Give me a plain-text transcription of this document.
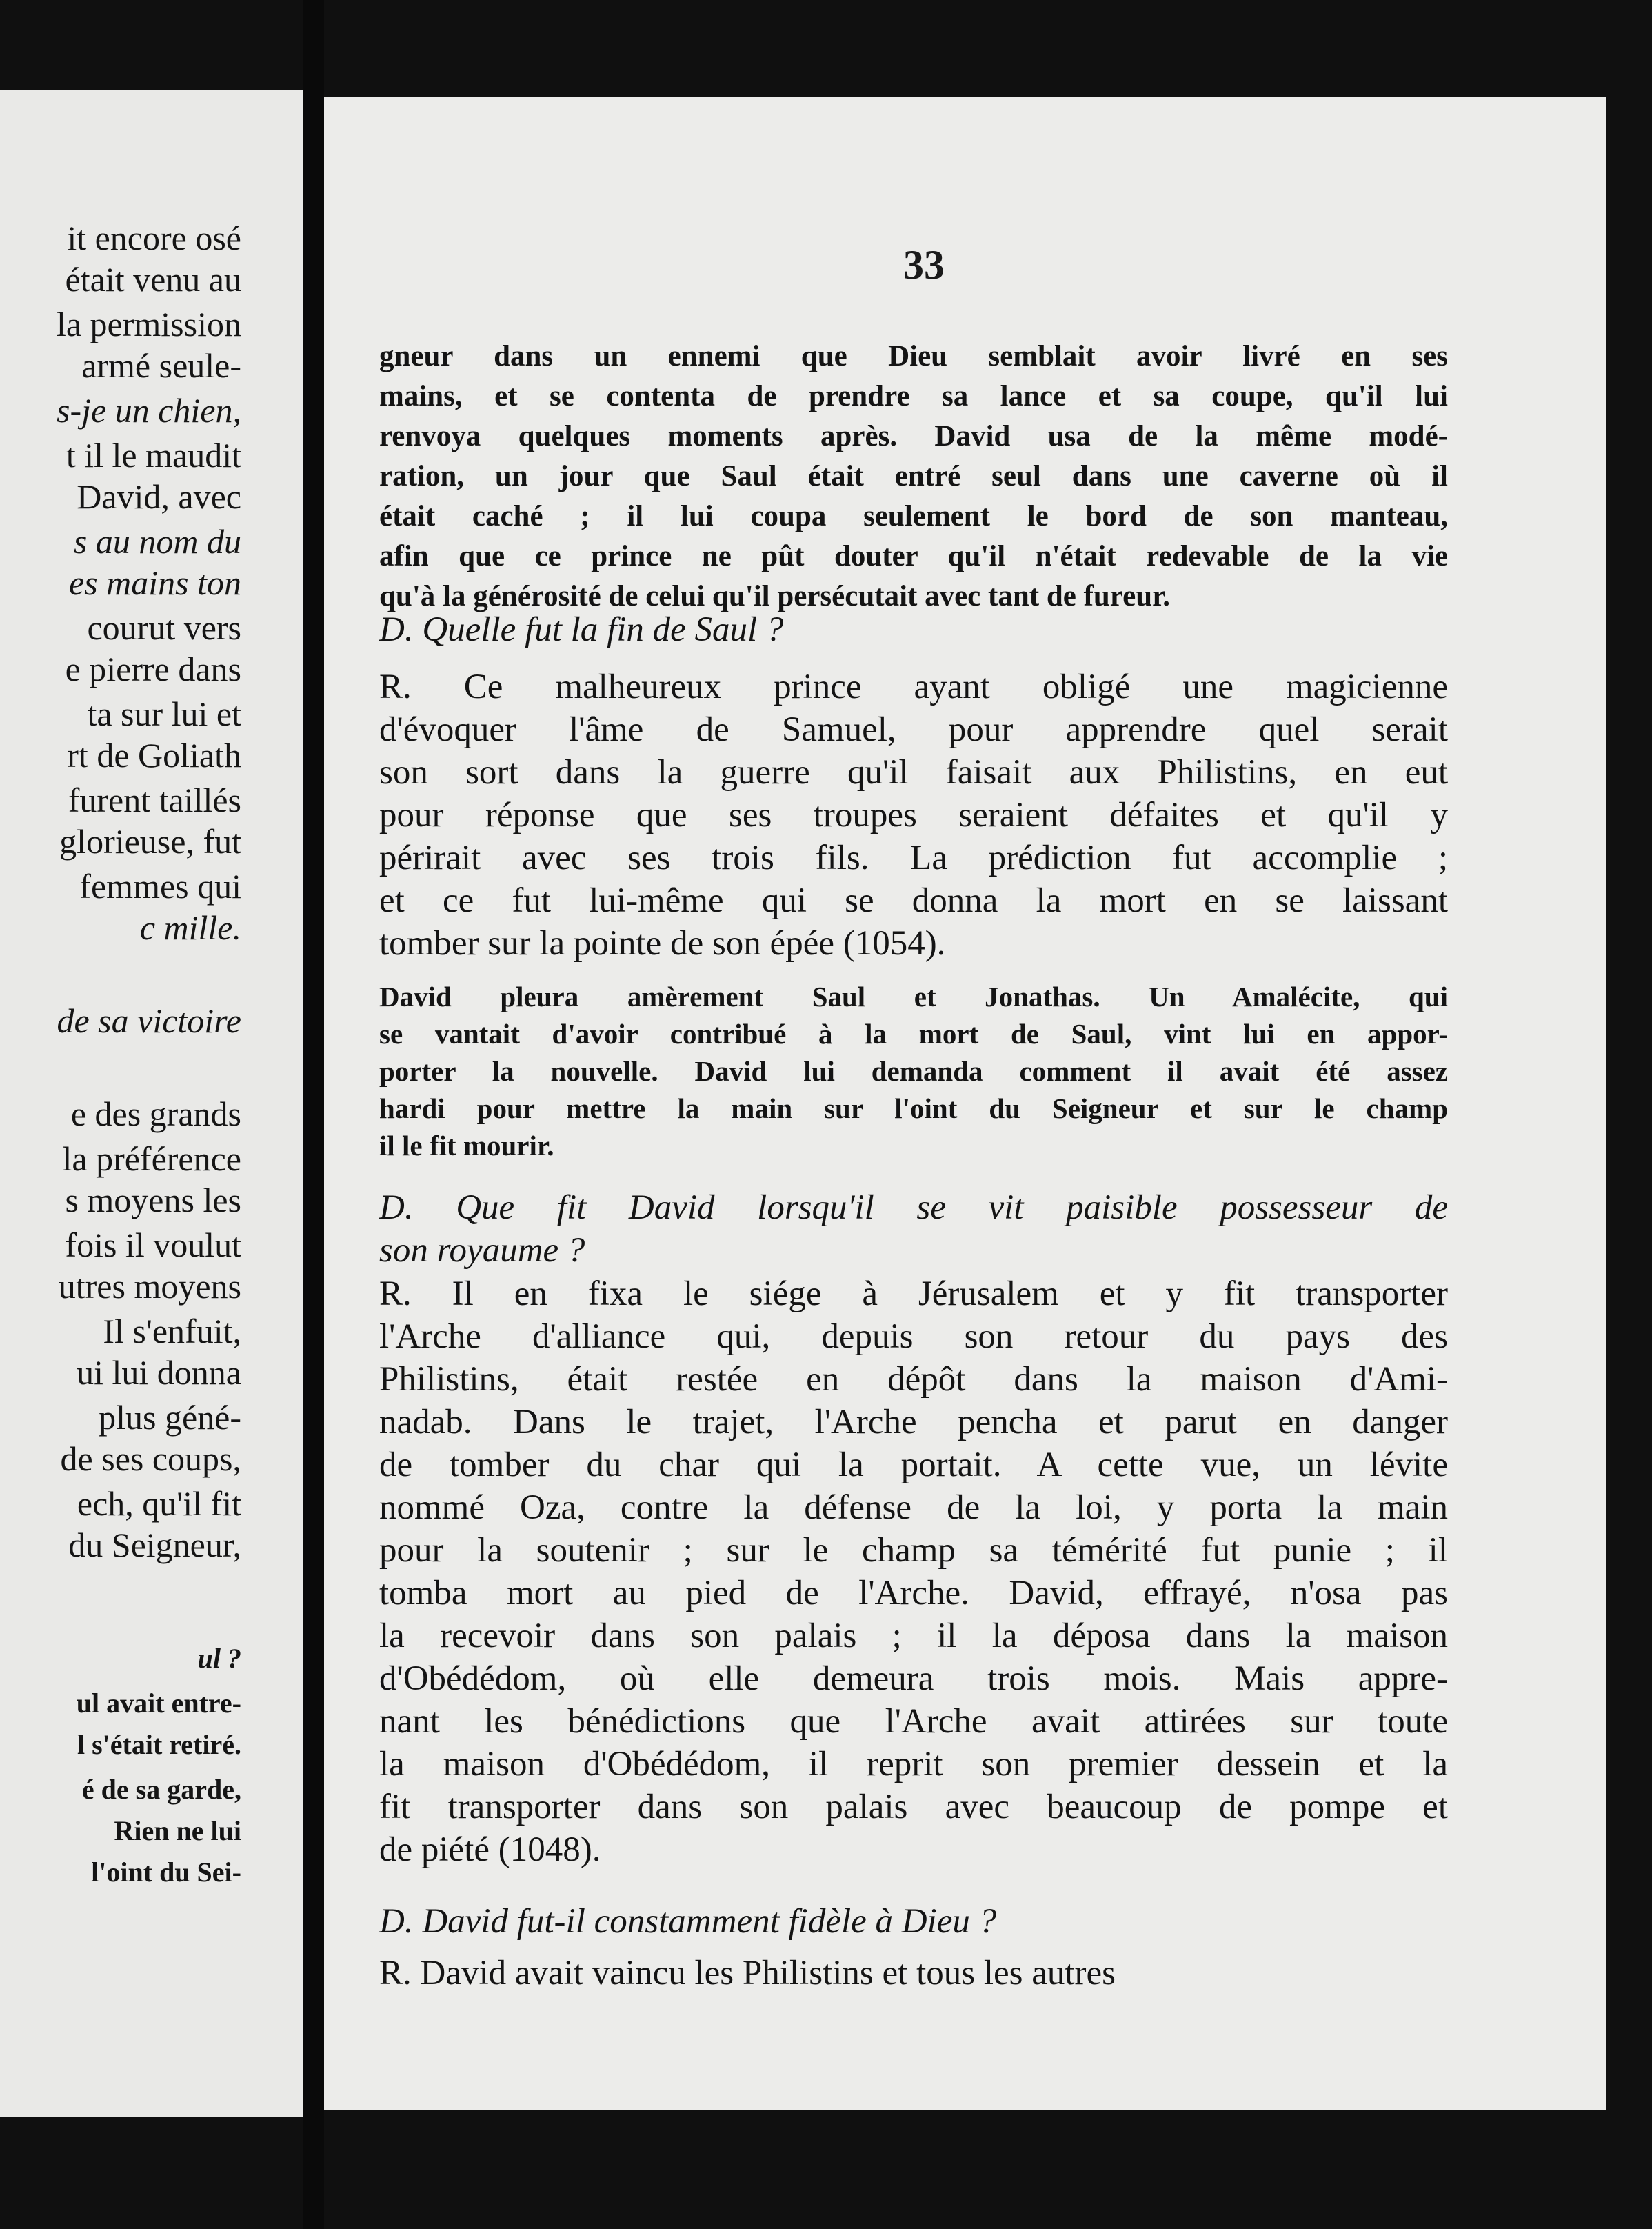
it encore osé
était venu au
la permission
armé seule-
s-je un chien,
t il le maudit
David, avec
s au nom du
es mains ton
courut vers
e pierre dans
ta sur lui et
rt de Goliath
furent taillés
glorieuse, fut
femmes qui
c mille.
de sa victoire
e des grands
la préférence
s moyens les
fois il voulut
utres moyens
Il s'enfuit,
ui lui donna
plus géné-
de ses coups,
ech, qu'il fit
du Seigneur,
ul ?
ul avait entre-
l s'était retiré.
é de sa garde,
Rien ne lui
l'oint du Sei-
33
gneur dans un ennemi que Dieu semblait avoir livré en ses
mains, et se contenta de prendre sa lance et sa coupe, qu'il lui
renvoya quelques moments après. David usa de la même modé-
ration, un jour que Saul était entré seul dans une caverne où il
était caché ; il lui coupa seulement le bord de son manteau,
afin que ce prince ne pût douter qu'il n'était redevable de la vie
qu'à la générosité de celui qu'il persécutait avec tant de fureur.
D. Quelle fut la fin de Saul ?
R. Ce malheureux prince ayant obligé une magicienne
d'évoquer l'âme de Samuel, pour apprendre quel serait
son sort dans la guerre qu'il faisait aux Philistins, en eut
pour réponse que ses troupes seraient défaites et qu'il y
périrait avec ses trois fils. La prédiction fut accomplie ;
et ce fut lui-même qui se donna la mort en se laissant
tomber sur la pointe de son épée (1054).
David pleura amèrement Saul et Jonathas. Un Amalécite, qui
se vantait d'avoir contribué à la mort de Saul, vint lui en appor-
porter la nouvelle. David lui demanda comment il avait été assez
hardi pour mettre la main sur l'oint du Seigneur et sur le champ
il le fit mourir.
D. Que fit David lorsqu'il se vit paisible possesseur de
son royaume ?
R. Il en fixa le siége à Jérusalem et y fit transporter
l'Arche d'alliance qui, depuis son retour du pays des
Philistins, était restée en dépôt dans la maison d'Ami-
nadab. Dans le trajet, l'Arche pencha et parut en danger
de tomber du char qui la portait. A cette vue, un lévite
nommé Oza, contre la défense de la loi, y porta la main
pour la soutenir ; sur le champ sa témérité fut punie ; il
tomba mort au pied de l'Arche. David, effrayé, n'osa pas
la recevoir dans son palais ; il la déposa dans la maison
d'Obédédom, où elle demeura trois mois. Mais appre-
nant les bénédictions que l'Arche avait attirées sur toute
la maison d'Obédédom, il reprit son premier dessein et la
fit transporter dans son palais avec beaucoup de pompe et
de piété (1048).
D. David fut-il constamment fidèle à Dieu ?
R. David avait vaincu les Philistins et tous les autres
